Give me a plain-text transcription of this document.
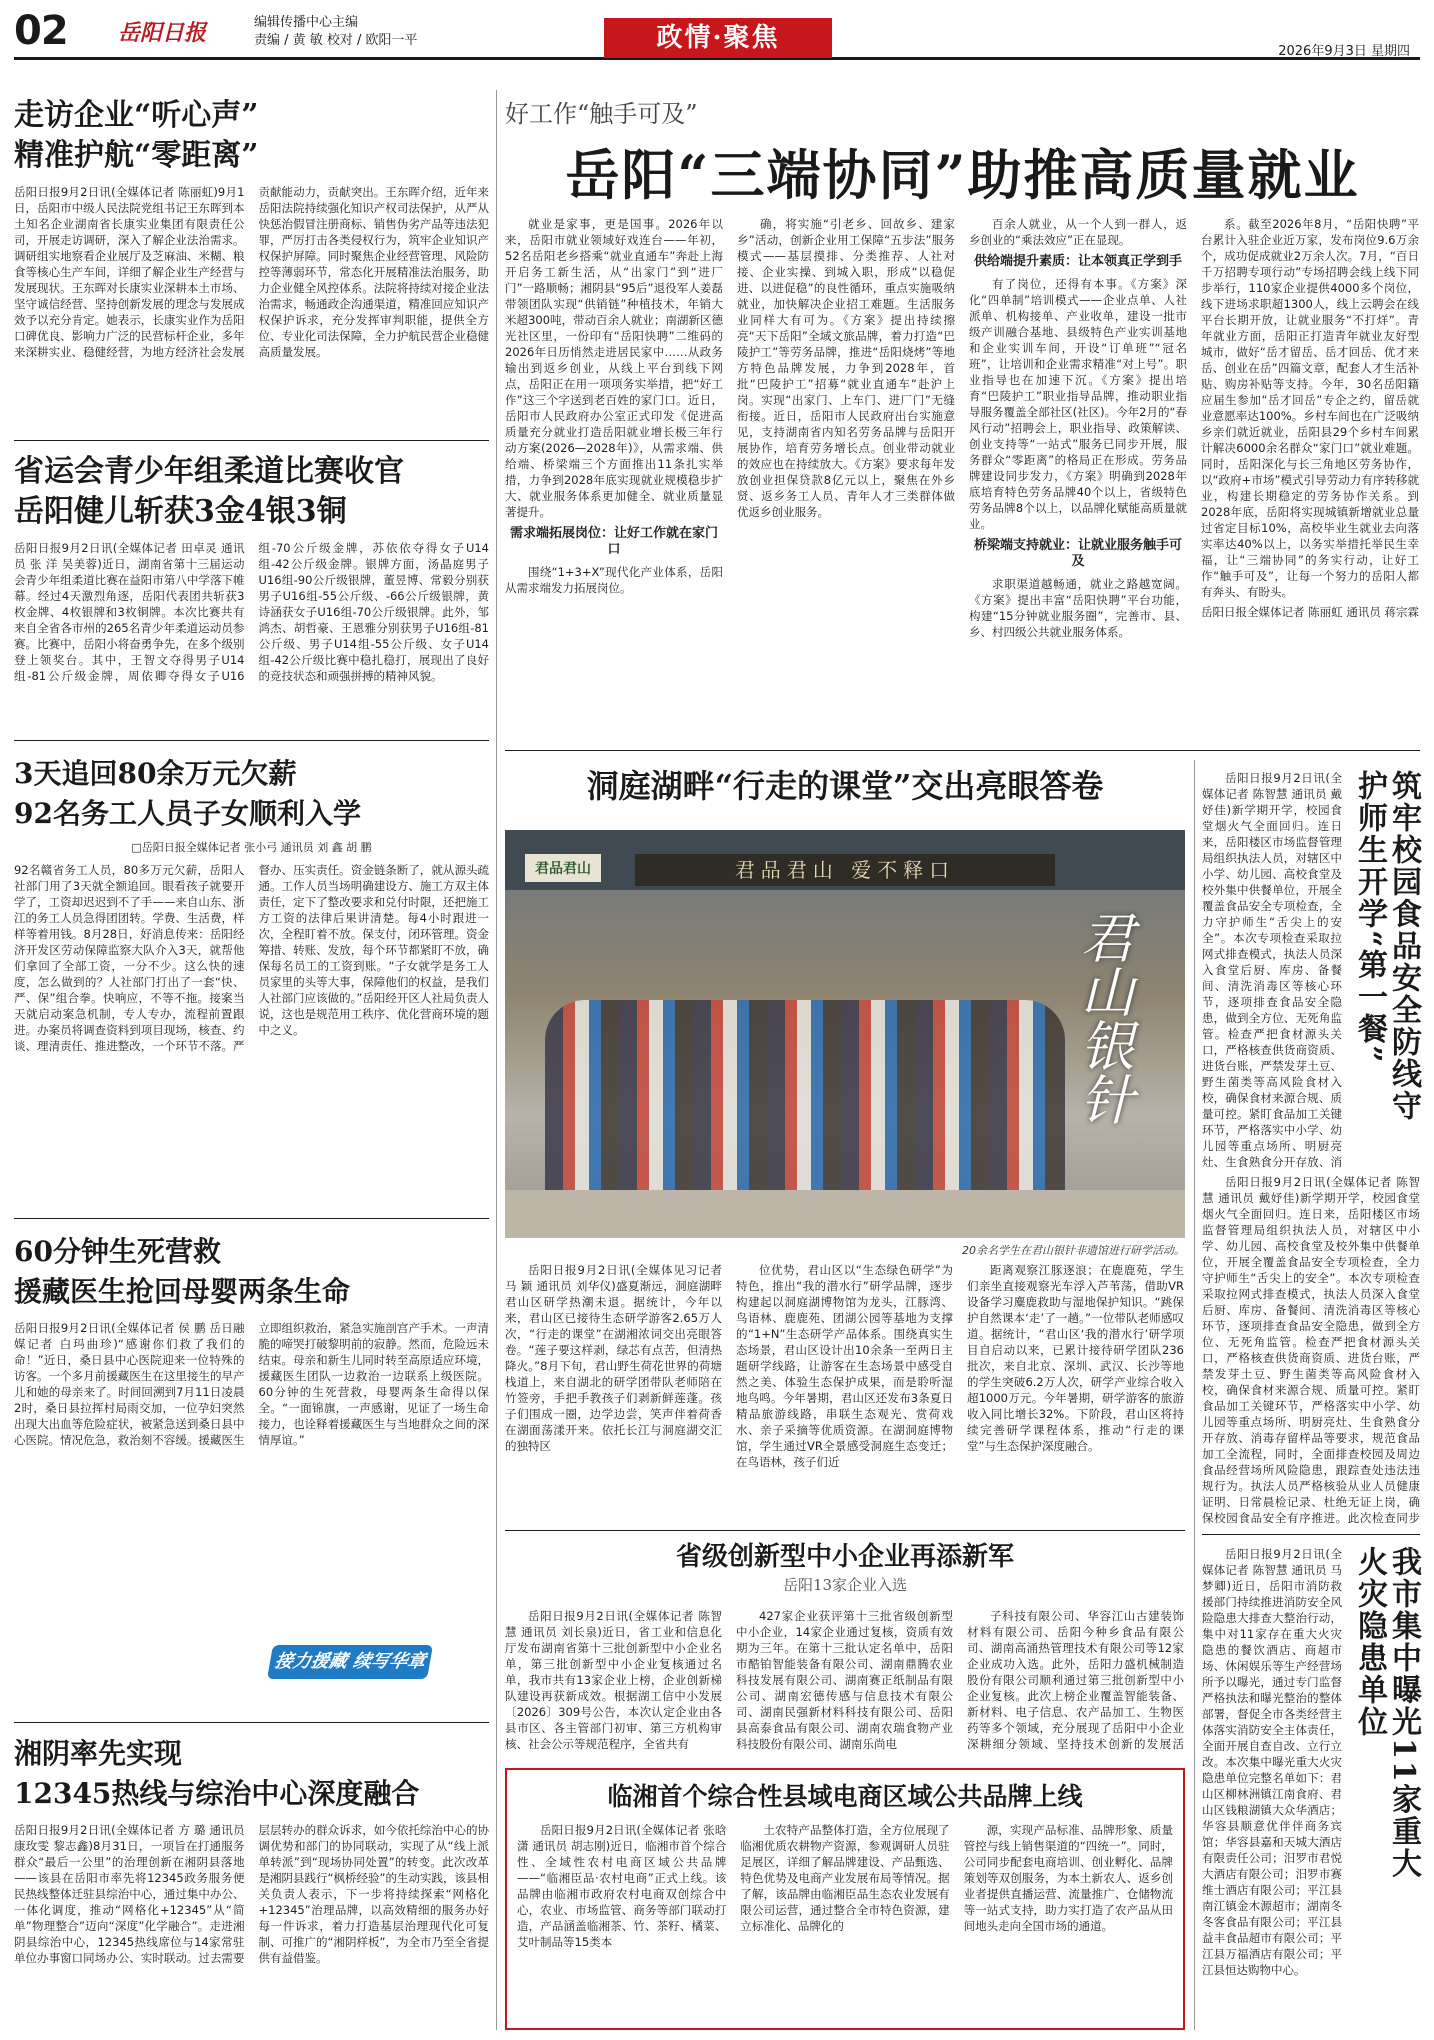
02 岳阳日报	编辑传播中心主编
责编 / 黄 敏 校对 / 欧阳一平	政情·聚焦	2026年9月3日 星期四
走访企业“听心声”
精准护航“零距离”
岳阳日报9月2日讯(全媒体记者 陈丽虹)9月1日，岳阳市中级人民法院党组书记王东晖到本土知名企业湖南省长康实业集团有限责任公司，开展走访调研，深入了解企业法治需求。调研组实地察看企业展厅及芝麻油、米糊、粮食等核心生产车间，详细了解企业生产经营与发展现状。王东晖对长康实业深耕本土市场、坚守诚信经营、坚持创新发展的理念与发展成效予以充分肯定。她表示，长康实业作为岳阳口碑优良、影响力广泛的民营标杆企业，多年来深耕实业、稳健经营，为地方经济社会发展贡献能动力，贡献突出。王东晖介绍，近年来岳阳法院持续强化知识产权司法保护，从严从快惩治假冒注册商标、销售伪劣产品等违法犯罪，严厉打击各类侵权行为，筑牢企业知识产权保护屏障。同时聚焦企业经营管理、风险防控等薄弱环节，常态化开展精准法治服务，助力企业健全风控体系。法院将持续对接企业法治需求，畅通政企沟通渠道，精准回应知识产权保护诉求，充分发挥审判职能，提供全方位、专业化司法保障，全力护航民营企业稳健高质量发展。
省运会青少年组柔道比赛收官
岳阳健儿斩获3金4银3铜
岳阳日报9月2日讯(全媒体记者 田卓灵 通讯员 张 洋 吴美蓉)近日，湖南省第十三届运动会青少年组柔道比赛在益阳市第八中学落下帷幕。经过4天激烈角逐，岳阳代表团共斩获3枚金牌、4枚银牌和3枚铜牌。本次比赛共有来自全省各市州的265名青少年柔道运动员参赛。比赛中，岳阳小将奋勇争先，在多个级别登上领奖台。其中，王智文夺得男子U14组-81公斤级金牌，周依卿夺得女子U16组-70公斤级金牌，苏依依夺得女子U14组-42公斤级金牌。银牌方面，汤晶庭男子U16组-90公斤级银牌，董昱博、常毅分别获男子U16组-55公斤级、-66公斤级银牌，黄诗涵获女子U16组-70公斤级银牌。此外，邹鸿杰、胡哲豪、王恩雅分别获男子U16组-81公斤级、男子U14组-55公斤级、女子U14组-42公斤级比赛中稳扎稳打，展现出了良好的竞技状态和顽强拼搏的精神风貌。
3天追回80余万元欠薪
92名务工人员子女顺利入学
□岳阳日报全媒体记者 张小弓 通讯员 刘 鑫 胡 鹏
92名赣省务工人员，80多万元欠薪，岳阳人社部门用了3天就全额追回。眼看孩子就要开学了，工资却迟迟到不了手——来自山东、浙江的务工人员急得团团转。学费、生活费，样样等着用钱。8月28日，好消息传来：岳阳经济开发区劳动保障监察大队介入3天，就帮他们拿回了全部工资，一分不少。这么快的速度，怎么做到的？人社部门打出了一套“快、严、保”组合拳。快响应，不等不拖。接案当天就启动案急机制，专人专办，流程前置跟进。办案员将调查资料到项目现场，核查、约谈、理清责任、推进整改，一个环节不落。严督办、压实责任。资金链条断了，就从源头疏通。工作人员当场明确建设方、施工方双主体责任，定下了整改要求和兑付时限，还把施工方工资的法律后果讲清楚。每4小时跟进一次，全程盯着不放。保支付，闭环管理。资金筹措、转账、发放，每个环节都紧盯不放，确保每名员工的工资到账。“子女就学是务工人员家里的头等大事，保障他们的权益，是我们人社部门应该做的。”岳阳经开区人社局负责人说，这也是规范用工秩序、优化营商环境的题中之义。
60分钟生死营救
援藏医生抢回母婴两条生命
岳阳日报9月2日讯(全媒体记者 侯 鹏 岳日融媒记者 白玛曲珍)“感谢你们救了我们的命！”近日，桑日县中心医院迎来一位特殊的访客。一个多月前援藏医生在这里接生的早产儿和她的母亲来了。时间回溯到7月11日凌晨2时，桑日县拉挥村局雨交加，一位孕妇突然出现大出血等危险症状，被紧急送到桑日县中心医院。情况危急，救治刻不容缓。援藏医生立即组织救治，紧急实施剖宫产手术。一声清脆的啼哭打破黎明前的寂静。然而，危险远未结束。母亲和新生儿同时转至高原适应环境，援藏医生团队一边救治一边联系上级医院。60分钟的生死营救，母婴两条生命得以保全。“一面锦旗，一声感谢，见证了一场生命接力，也诠释着援藏医生与当地群众之间的深情厚谊。”
接力援藏 续写华章
湘阴率先实现
12345热线与综治中心深度融合
岳阳日报9月2日讯(全媒体记者 方 璐 通讯员 康玫雯 黎志鑫)8月31日，一项旨在打通服务群众“最后一公里”的治理创新在湘阴县落地——该县在岳阳市率先将12345政务服务便民热线整体迁驻县综治中心，通过集中办公、一体化调度，推动“网格化+12345”从“简单”物理整合”迈向“深度”化学融合”。走进湘阴县综治中心，12345热线席位与14家常驻单位办事窗口同场办公、实时联动。过去需要层层转办的群众诉求，如今依托综治中心的协调优势和部门的协同联动，实现了从“线上派单转派”到“现场协同处置”的转变。此次改革是湘阴县践行“枫桥经验”的生动实践，该县相关负责人表示，下一步将持续探索“网格化+12345”治理品牌，以高效精细的服务办好每一件诉求，着力打造基层治理现代化可复制、可推广的“湘阴样板”，为全市乃至全省提供有益借鉴。
好工作“触手可及”
岳阳“三端协同”助推高质量就业

就业是家事，更是国事。2026年以来，岳阳市就业领域好戏连台——年初，52名岳阳老乡搭乘“就业直通车”奔赴上海开启务工新生活，从“出家门”到“进厂门”一路顺畅；湘阴县“95后”退役军人姜磊带领团队实现“供销链”种植技术，年销大米超300吨，带动百余人就业；南湖新区德光社区里，一份印有“岳阳快聘”二维码的2026年日历悄然走进居民家中……从政务输出到返乡创业，从线上平台到线下网点，岳阳正在用一项项务实举措，把“好工作”这三个字送到老百姓的家门口。近日，岳阳市人民政府办公室正式印发《促进高质量充分就业打造岳阳就业增长极三年行动方案(2026—2028年)》，从需求端、供给端、桥梁端三个方面推出11条扎实举措，力争到2028年底实现就业规模稳步扩大、就业服务体系更加健全、就业质量显著提升。

需求端拓展岗位：让好工作就在家门口

围绕“1+3+X”现代化产业体系，岳阳从需求端发力拓展岗位。

确，将实施“引老乡、回故乡、建家乡”活动，创新企业用工保障“五步法”服务模式——基层摸排、分类推荐、人社对接、企业实操、到城入职，形成“以稳促进、以进促稳”的良性循环，重点实施吸纳就业，加快解决企业招工难题。生活服务业同样大有可为。《方案》提出持续擦亮“天下岳阳”全域文旅品牌，着力打造“巴陵护工”等劳务品牌，推进“岳阳烧烤”等地方特色品牌发展，力争到2028年，首批“巴陵护工”招募“就业直通车”赴沪上岗。实现“出家门、上车门、进厂门”无缝衔接。近日，岳阳市人民政府出台实施意见，支持湖南省内知名劳务品牌与岳阳开展协作，培育劳务增长点。创业带动就业的效应也在持续放大。《方案》要求每年发放创业担保贷款8亿元以上，聚焦在外乡贤、返乡务工人员、青年人才三类群体做优返乡创业服务。

百余人就业，从一个人到一群人，返乡创业的“乘法效应”正在显现。

供给端提升素质：让本领真正学到手

有了岗位，还得有本事。《方案》深化“四单制”培训模式——企业点单、人社派单、机构接单、产业收单，建设一批市级产训融合基地、县级特色产业实训基地和企业实训车间，开设“订单班”“冠名班”，让培训和企业需求精准“对上号”。职业指导也在加速下沉。《方案》提出培育“巴陵护工”职业指导品牌，推动职业指导服务覆盖全部社区(社区)。今年2月的“春风行动”招聘会上，职业指导、政策解读、创业支持等“一站式”服务已同步开展，服务群众“零距离”的格局正在形成。劳务品牌建设同步发力，《方案》明确到2028年底培育特色劳务品牌40个以上，省级特色劳务品牌8个以上，以品牌化赋能高质量就业。

桥梁端支持就业：让就业服务触手可及

求职渠道越畅通，就业之路越宽阔。《方案》提出丰富“岳阳快聘”平台功能，构建“15分钟就业服务圈”，完善市、县、乡、村四级公共就业服务体系。

系。截至2026年8月，“岳阳快聘”平台累计入驻企业近万家，发布岗位9.6万余个，成功促成就业2万余人次。7月，“百日千万招聘专项行动”专场招聘会线上线下同步举行，110家企业提供4000多个岗位，线下进场求职超1300人，线上云聘会在线平台长期开放，让就业服务“不打烊”。青年就业方面，岳阳正打造青年就业友好型城市，做好“岳才留岳、岳才回岳、优才来岳、创业在岳”四篇文章，配套人才生活补贴、购房补贴等支持。今年，30名岳阳籍应届生参加“岳才回岳”专企之约，留岳就业意愿率达100%。乡村车间也在广泛吸纳乡亲们就近就业，岳阳县29个乡村车间累计解决6000余名群众“家门口”就业难题。同时，岳阳深化与长三角地区劳务协作，以“政府+市场”模式引导劳动力有序转移就业，构建长期稳定的劳务协作关系。到2028年底，岳阳将实现城镇新增就业总量过省定目标10%，高校毕业生就业去向落实率达40%以上，以务实举措托举民生幸福，让“三端协同”的务实行动，让好工作“触手可及”，让每一个努力的岳阳人都有奔头、有盼头。

岳阳日报全媒体记者 陈丽虹 通讯员 蒋宗霖
洞庭湖畔“行走的课堂”交出亮眼答卷
君品君山	君品君山 爱不释口
君山银针
20余名学生在君山银针非遗馆进行研学活动。

岳阳日报9月2日讯(全媒体见习记者 马 颖 通讯员 刘华仪)盛夏渐远，洞庭湖畔君山区研学热潮未退。据统计，今年以来，君山区已接待生态研学游客2.65万人次，“行走的课堂”在湖湘浓词交出亮眼答卷。“莲子要这样剥，绿芯有点苦，但清热降火。”8月下旬，君山野生荷花世界的荷塘栈道上，来自湖北的研学团带队老师陪在竹签旁，手把手教孩子们剥新鲜莲蓬。孩子们围成一圈，边学边尝，笑声伴着荷香在湖面荡漾开来。依托长江与洞庭湖交汇的独特区

位优势，君山区以“生态绿色研学”为特色，推出“我的潜水行”研学品牌，逐步构建起以洞庭湖博物馆为龙头，江豚湾、鸟语林、鹿鹿苑、团湖公园等基地为支撑的“1+N”生态研学产品体系。围绕真实生态场景，君山区设计出10余条一至两日主题研学线路，让游客在生态场景中感受自然之美、体验生态保护成果，而是聆听湿地鸟鸣。今年暑期，君山区还发布3条夏日精品旅游线路，串联生态观光、赏荷戏水、亲子采摘等优质资源。在湖洞庭博物馆，学生通过VR全景感受洞庭生态变迁；在鸟语林，孩子们近

距离观察江豚逐浪；在鹿鹿苑，学生们亲坐直接观察光车浮入芦苇荡，借助VR设备学习麋鹿救助与湿地保护知识。“跳保护自然课本‘走’了一趟。”一位带队老师感叹道。据统计，“君山区‘我的潜水行’研学项目自启动以来，已累计接待研学团队236批次，来自北京、深圳、武汉、长沙等地的学生突破6.2万人次，研学产业综合收入超1000万元。今年暑期，研学游客的旅游收入同比增长32%。下阶段，君山区将持续完善研学课程体系，推动“行走的课堂”与生态保护深度融合。

筑牢校园食品安全防线守护师生开学“第一餐”

岳阳日报9月2日讯(全媒体记者 陈智慧 通讯员 戴妤佳)新学期开学，校园食堂烟火气全面回归。连日来，岳阳楼区市场监督管理局组织执法人员，对辖区中小学、幼儿园、高校食堂及校外集中供餐单位，开展全覆盖食品安全专项检查，全力守护师生“舌尖上的安全”。本次专项检查采取拉网式排查模式，执法人员深入食堂后厨、库房、备餐间、清洗消毒区等核心环节，逐项排查食品安全隐患，做到全方位、无死角监管。检查严把食材源头关口，严格核查供货商资质、进货台账，严禁发芽土豆、野生菌类等高风险食材入校，确保食材来源合规、质量可控。紧盯食品加工关键环节，严格落实中小学、幼儿园等重点场所、明厨亮灶、生食熟食分开存放、消

岳阳日报9月2日讯(全媒体记者 陈智慧 通讯员 戴妤佳)新学期开学，校园食堂烟火气全面回归。连日来，岳阳楼区市场监督管理局组织执法人员，对辖区中小学、幼儿园、高校食堂及校外集中供餐单位，开展全覆盖食品安全专项检查，全力守护师生“舌尖上的安全”。本次专项检查采取拉网式排查模式，执法人员深入食堂后厨、库房、备餐间、清洗消毒区等核心环节，逐项排查食品安全隐患，做到全方位、无死角监管。检查严把食材源头关口，严格核查供货商资质、进货台账，严禁发芽土豆、野生菌类等高风险食材入校，确保食材来源合规、质量可控。紧盯食品加工关键环节，严格落实中小学、幼儿园等重点场所、明厨亮灶、生食熟食分开存放、消毒存留样品等要求，规范食品加工全流程，同时，全面排查校园及周边食品经营场所风险隐患，跟踪查处违法违规行为。执法人员严格核验从业人员健康证明、日常晨检记录、杜绝无证上岗，确保校园食品安全有序推进。此次检查同步

我市集中曝光11家重大火灾隐患单位

岳阳日报9月2日讯(全媒体记者 陈智慧 通讯员 马梦卿)近日，岳阳市消防救援部门持续推进消防安全风险隐患大排查大整治行动，集中对11家存在重大火灾隐患的餐饮酒店、商超市场、休闲娱乐等生产经营场所予以曝光，通过专门监督严格执法和曝光整治的整体部署，督促全市各类经营主体落实消防安全主体责任，全面开展自查自改、立行立改。本次集中曝光重大火灾隐患单位完整名单如下：君山区柳林洲镇江南食府、君山区钱粮湖镇大众华酒店；华容县顺意优伴伴商务宾馆；华容县嘉和天城大酒店有限责任公司；汨罗市君悦大酒店有限公司；汨罗市赛维士酒店有限公司；平江县南江镇金木源超市；湖南冬冬客食品有限公司；平江县益丰食品超市有限公司；平江县万福酒店有限公司；平江县恒达购物中心。

省级创新型中小企业再添新军
岳阳13家企业入选

岳阳日报9月2日讯(全媒体记者 陈智慧 通讯员 刘长泉)近日，省工业和信息化厅发布湖南省第十三批创新型中小企业名单，第三批创新型中小企业复核通过名单，我市共有13家企业上榜，企业创新梯队建设再获新成效。根据湖工信中小发展〔2026〕309号公告，本次认定企业由各县市区、各主管部门初审、第三方机构审核、社会公示等规范程序，全省共有

427家企业获评第十三批省级创新型中小企业，14家企业通过复核，资质有效期为三年。在第十三批认定名单中，岳阳市酷铂智能装备有限公司、湖南鼎腾农业科技发展有限公司、湖南赛正纸制品有限公司、湖南宏德传感与信息技术有限公司、湖南民强新材料科技有限公司、岳阳县高泰食品有限公司、湖南农瑞食物产业科技股份有限公司、湖南乐尚电

子科技有限公司、华容江山古建装饰材料有限公司、岳阳今种乡食品有限公司、湖南高涌热管理技术有限公司等12家企业成功入选。此外，岳阳力盛机械制造股份有限公司顺利通过第三批创新型中小企业复核。此次上榜企业覆盖智能装备、新材料、电子信息、农产品加工、生物医药等多个领域，充分展现了岳阳中小企业深耕细分领域、坚持技术创新的发展活

临湘首个综合性县域电商区域公共品牌上线

岳阳日报9月2日讯(全媒体记者 张晗潇 通讯员 胡志刚)近日，临湘市首个综合性、全域性农村电商区域公共品牌——“临湘臣品·农村电商”正式上线。该品牌由临湘市政府农村电商双创综合中心，农业、市场监管、商务等部门联动打造，产品涵盖临湘茶、竹、茶籽、橘菜、艾叶制品等15类本

土农特产品整体打造，全方位展现了临湘优质农耕物产资源，参观调研人员驻足展区，详细了解品牌建设、产品甄选、特色优势及电商产业发展布局等情况。据了解，该品牌由临湘臣品生态农业发展有限公司运营，通过整合全市特色资源，建立标准化、品牌化的

源，实现产品标准、品牌形象、质量管控与线上销售渠道的“四统一”。同时，公司同步配套电商培训、创业孵化、品牌策划等双创服务，为本土新农人、返乡创业者提供直播运营、流量推广、仓储物流等一站式支持，助力实打造了农产品从田间地头走向全国市场的通道。
